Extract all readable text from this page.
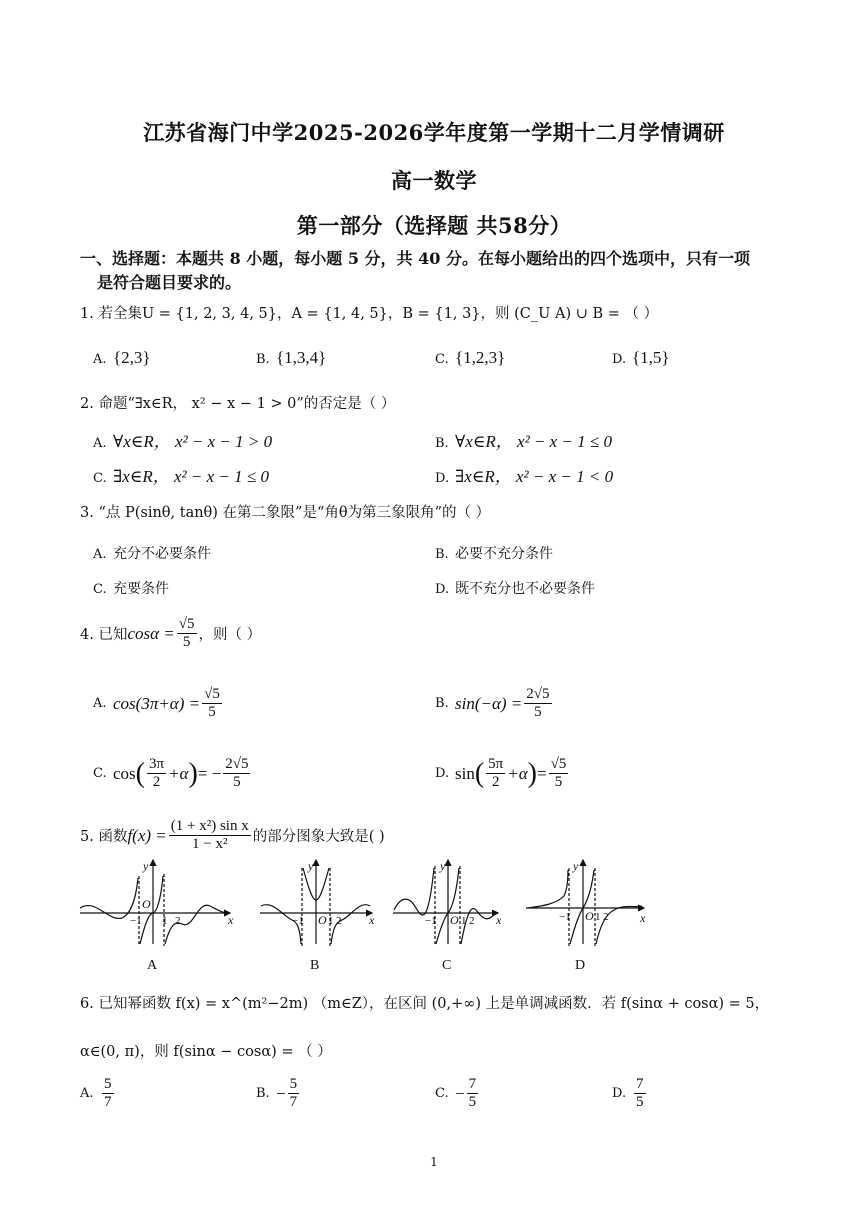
江苏省海门中学2025-2026学年度第一学期十二月学情调研
高一数学
第一部分（选择题 共58分）
一、选择题：本题共 8 小题，每小题 5 分，共 40 分。在每小题给出的四个选项中，只有一项
是符合题目要求的。
1. 若全集U = {1, 2, 3, 4, 5}，A = {1, 4, 5}，B = {1, 3}，则 (C_U A) ∪ B = （ ）
A. {2,3}	B. {1,3,4}	C. {1,2,3}	D. {1,5}
2. 命题“∃x∈R， x² − x − 1 > 0”的否定是（ ）
A. ∀x∈R， x² − x − 1 > 0	B. ∀x∈R， x² − x − 1 ≤ 0
C. ∃x∈R， x² − x − 1 ≤ 0	D. ∃x∈R， x² − x − 1 < 0
3. “点 P(sinθ, tanθ) 在第二象限”是“角θ为第三象限角”的（ ）
A. 充分不必要条件	B. 必要不充分条件
C. 充要条件	D. 既不充分也不必要条件
4. 已知 $\cos\alpha = \frac{√5}{5}$ ，则（ ）
A. $\cos(3\pi+\alpha) = \frac{√5}{5}$	B. $\sin(-\alpha) = \frac{2√5}{5}$
C. cos ( $\frac{3\pi}{2} +\alpha$ ) = − $\frac{2√5}{5}$	D. sin ( $\frac{5\pi}{2} +\alpha$ ) = $\frac{√5}{5}$
5. 函数 $f(x) = \frac{\text{(1 + x²) sin x}}{\text{1 − x²}}$ 的部分图象大致是( )
y
x
O
y
x
O
y
x
O
y
x
O
−1 1 2	−1 1 2	−1 1 2	−1 1 2
A	B	C	D
6. 已知幂函数 f(x) = x^(m²−2m) （m∈Z），在区间 (0,+∞) 上是单调减函数．若 f(sinα + cosα) = 5，
α∈(0, π)，则 f(sinα − cosα) = （ ）
A. $\frac{5}{7}$	B. − $\frac{5}{7}$	C. − $\frac{7}{5}$	D. $\frac{7}{5}$
1
